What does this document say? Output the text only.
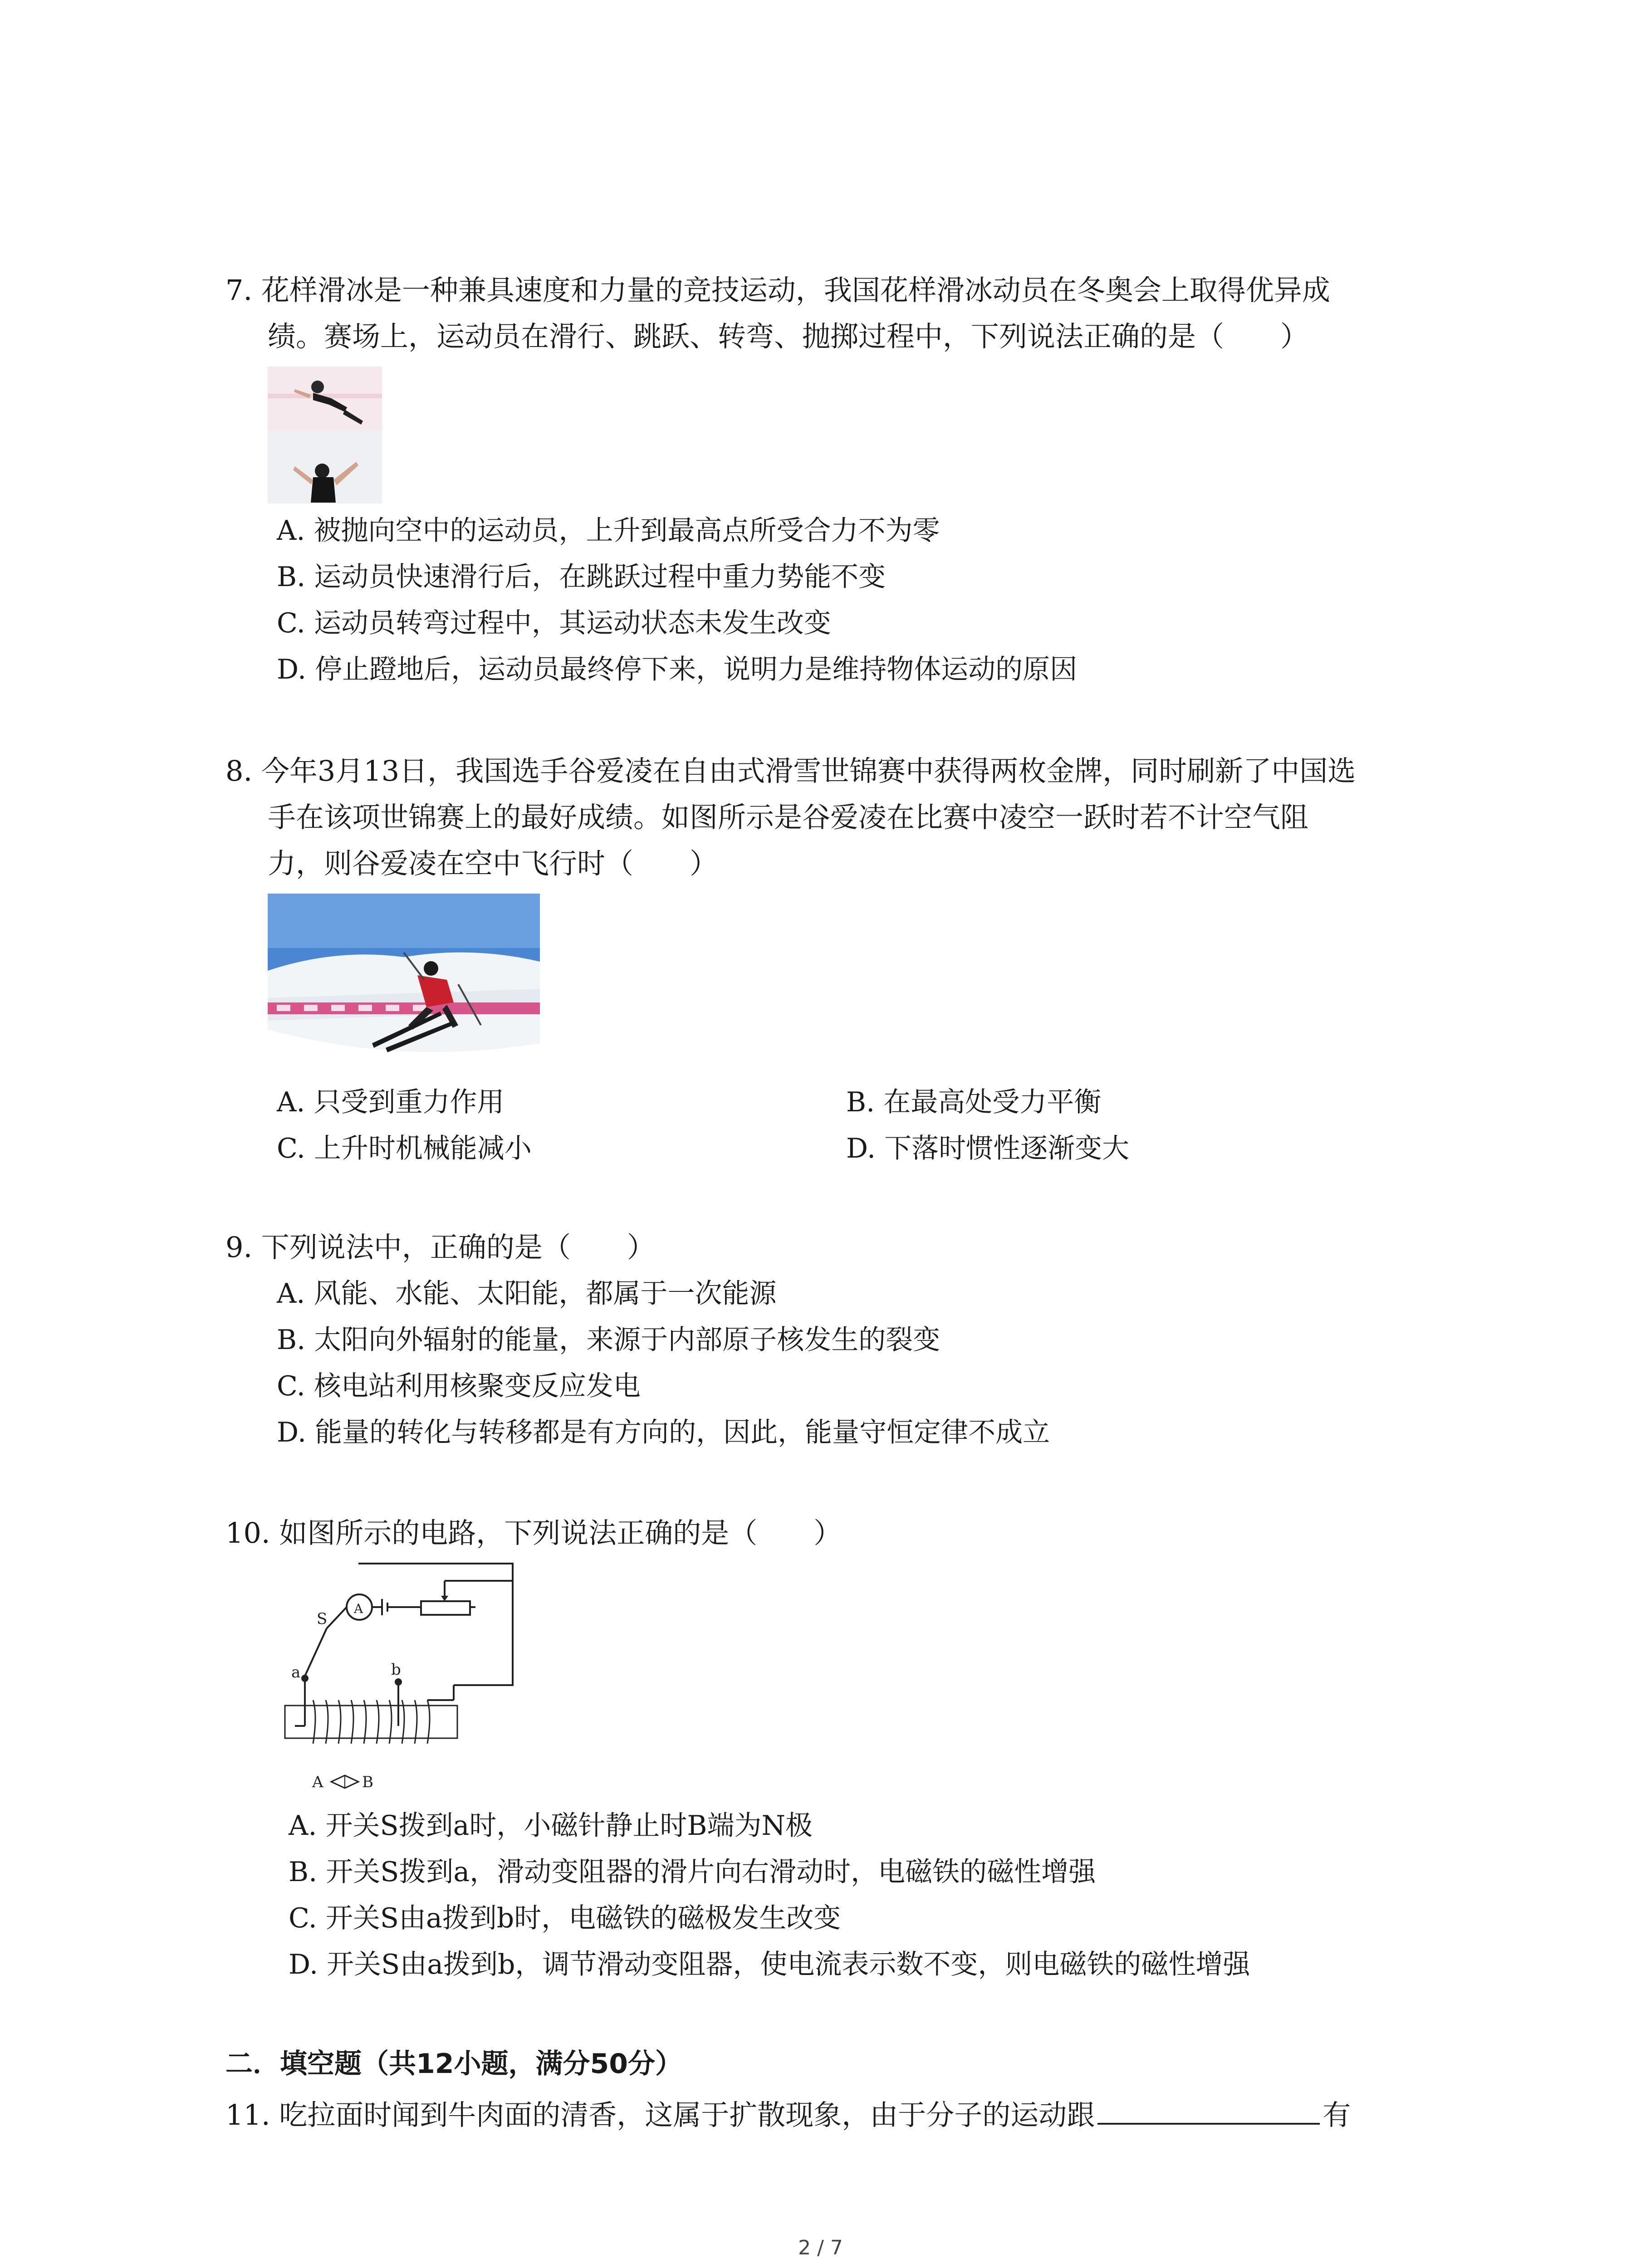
7. 花样滑冰是一种兼具速度和力量的竞技运动，我国花样滑冰动员在冬奥会上取得优异成
绩。赛场上，运动员在滑行、跳跃、转弯、抛掷过程中，下列说法正确的是（　　）
A. 被抛向空中的运动员，上升到最高点所受合力不为零
B. 运动员快速滑行后，在跳跃过程中重力势能不变
C. 运动员转弯过程中，其运动状态未发生改变
D. 停止蹬地后，运动员最终停下来，说明力是维持物体运动的原因
8. 今年3月13日，我国选手谷爱凌在自由式滑雪世锦赛中获得两枚金牌，同时刷新了中国选
手在该项世锦赛上的最好成绩。如图所示是谷爱凌在比赛中凌空一跃时若不计空气阻
力，则谷爱凌在空中飞行时（　　）
A. 只受到重力作用	B. 在最高处受力平衡
C. 上升时机械能减小	D. 下落时惯性逐渐变大
9. 下列说法中，正确的是（　　）
A. 风能、水能、太阳能，都属于一次能源
B. 太阳向外辐射的能量，来源于内部原子核发生的裂变
C. 核电站利用核聚变反应发电
D. 能量的转化与转移都是有方向的，因此，能量守恒定律不成立
10. 如图所示的电路，下列说法正确的是（　　）
A
S
a	b
A	B
A. 开关S拨到a时，小磁针静止时B端为N极
B. 开关S拨到a，滑动变阻器的滑片向右滑动时，电磁铁的磁性增强
C. 开关S由a拨到b时，电磁铁的磁极发生改变
D. 开关S由a拨到b，调节滑动变阻器，使电流表示数不变，则电磁铁的磁性增强
二．填空题（共12小题，满分50分）
11. 吃拉面时闻到牛肉面的清香，这属于扩散现象，由于分子的运动跟	有
2 / 7
